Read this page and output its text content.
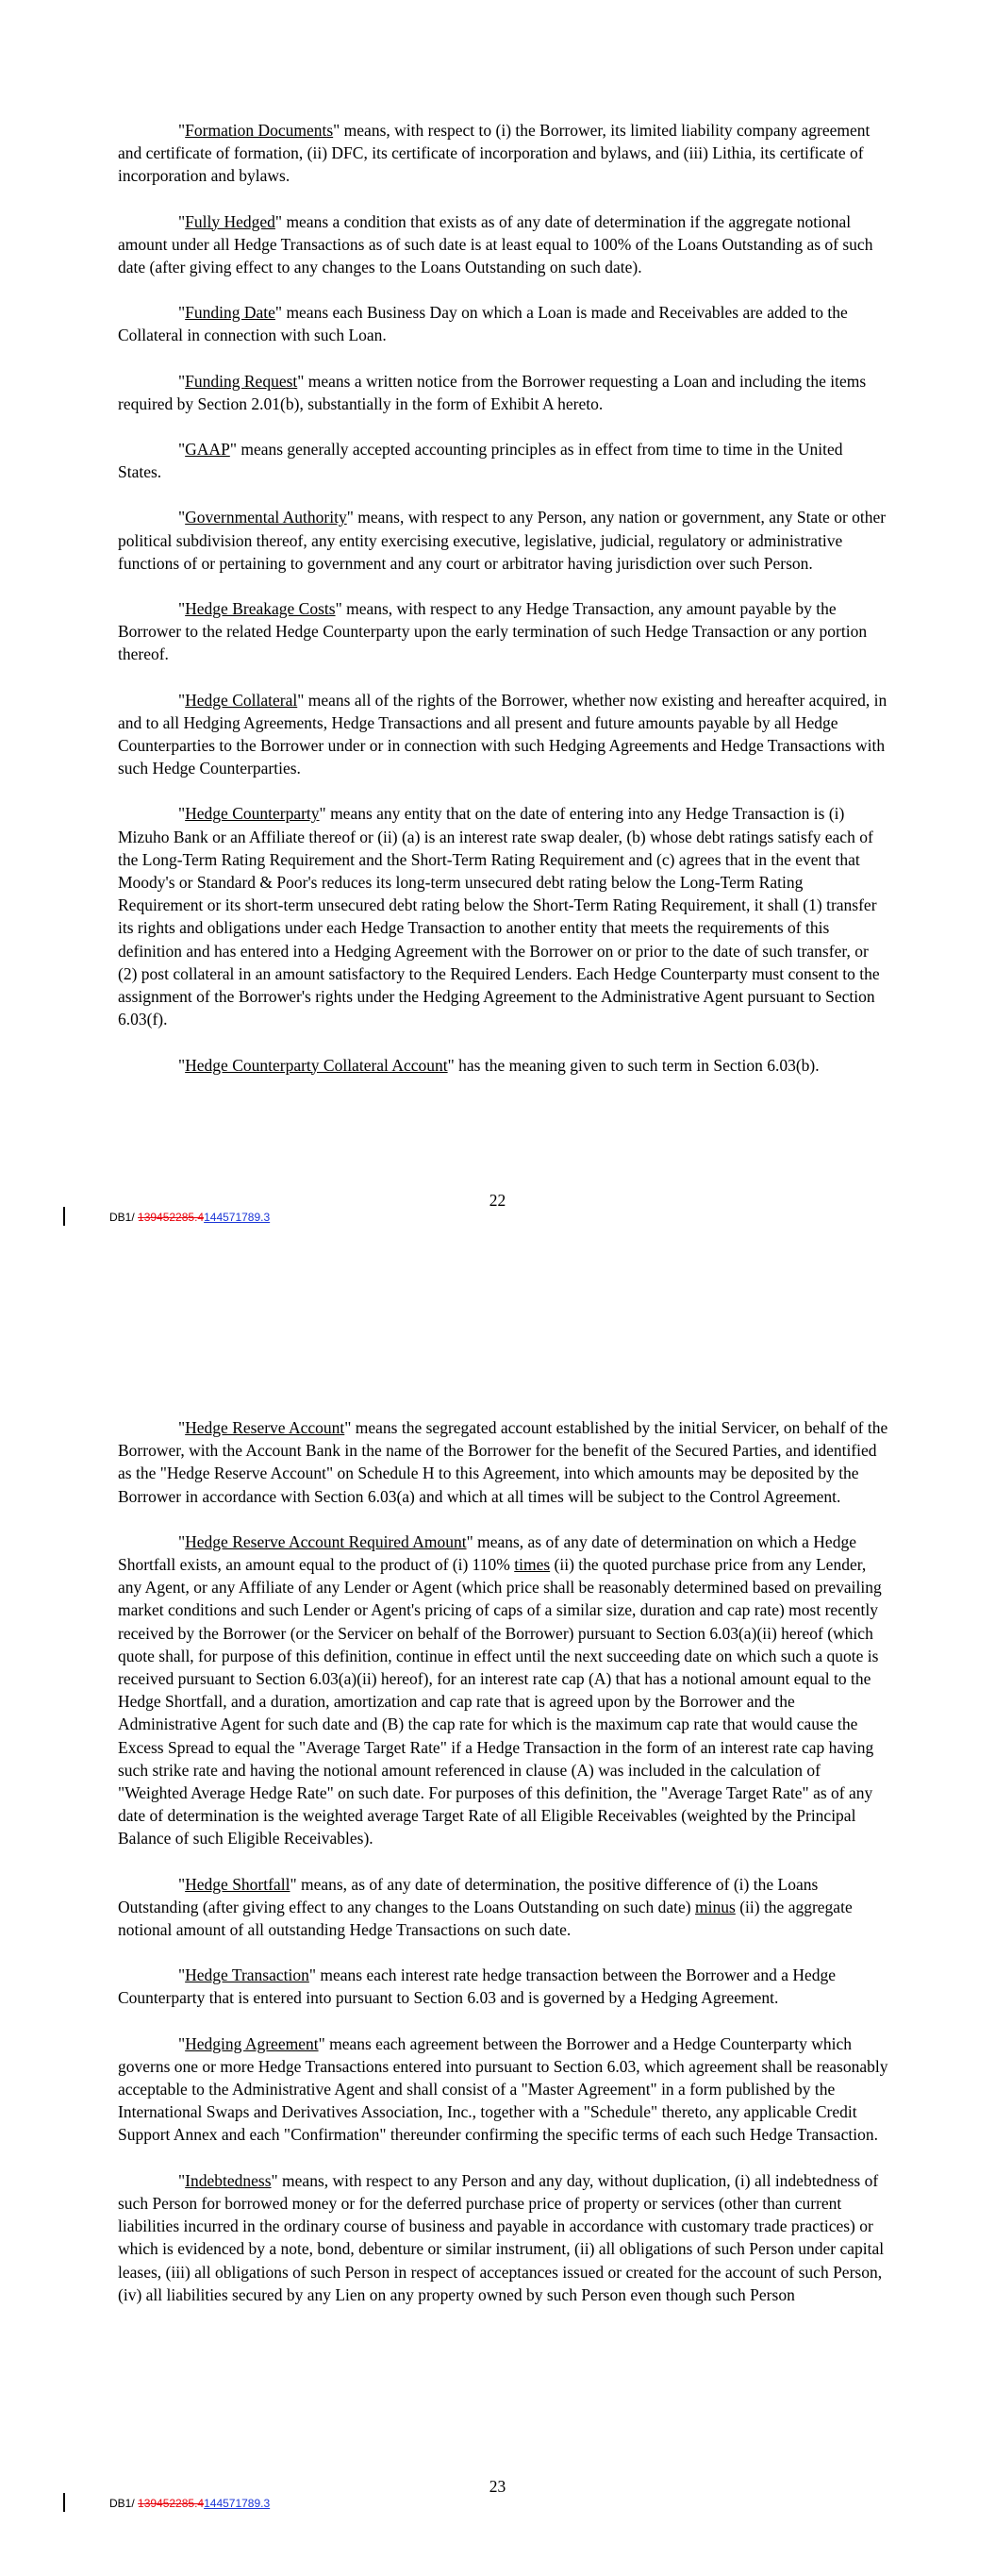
"Formation Documents" means, with respect to (i) the Borrower, its limited liability company agreement and certificate of formation, (ii) DFC, its certificate of incorporation and bylaws, and (iii) Lithia, its certificate of incorporation and bylaws.

"Fully Hedged" means a condition that exists as of any date of determination if the aggregate notional amount under all Hedge Transactions as of such date is at least equal to 100% of the Loans Outstanding as of such date (after giving effect to any changes to the Loans Outstanding on such date).

"Funding Date" means each Business Day on which a Loan is made and Receivables are added to the Collateral in connection with such Loan.

"Funding Request" means a written notice from the Borrower requesting a Loan and including the items required by Section 2.01(b), substantially in the form of Exhibit A hereto.

"GAAP" means generally accepted accounting principles as in effect from time to time in the United States.

"Governmental Authority" means, with respect to any Person, any nation or government, any State or other political subdivision thereof, any entity exercising executive, legislative, judicial, regulatory or administrative functions of or pertaining to government and any court or arbitrator having jurisdiction over such Person.

"Hedge Breakage Costs" means, with respect to any Hedge Transaction, any amount payable by the Borrower to the related Hedge Counterparty upon the early termination of such Hedge Transaction or any portion thereof.

"Hedge Collateral" means all of the rights of the Borrower, whether now existing and hereafter acquired, in and to all Hedging Agreements, Hedge Transactions and all present and future amounts payable by all Hedge Counterparties to the Borrower under or in connection with such Hedging Agreements and Hedge Transactions with such Hedge Counterparties.

"Hedge Counterparty" means any entity that on the date of entering into any Hedge Transaction is (i) Mizuho Bank or an Affiliate thereof or (ii) (a) is an interest rate swap dealer, (b) whose debt ratings satisfy each of the Long-Term Rating Requirement and the Short-Term Rating Requirement and (c) agrees that in the event that Moody's or Standard & Poor's reduces its long-term unsecured debt rating below the Long-Term Rating Requirement or its short-term unsecured debt rating below the Short-Term Rating Requirement, it shall (1) transfer its rights and obligations under each Hedge Transaction to another entity that meets the requirements of this definition and has entered into a Hedging Agreement with the Borrower on or prior to the date of such transfer, or (2) post collateral in an amount satisfactory to the Required Lenders. Each Hedge Counterparty must consent to the assignment of the Borrower's rights under the Hedging Agreement to the Administrative Agent pursuant to Section 6.03(f).

"Hedge Counterparty Collateral Account" has the meaning given to such term in Section 6.03(b).

22
DB1/ 139452285.4144571789.3

"Hedge Reserve Account" means the segregated account established by the initial Servicer, on behalf of the Borrower, with the Account Bank in the name of the Borrower for the benefit of the Secured Parties, and identified as the "Hedge Reserve Account" on Schedule H to this Agreement, into which amounts may be deposited by the Borrower in accordance with Section 6.03(a) and which at all times will be subject to the Control Agreement.

"Hedge Reserve Account Required Amount" means, as of any date of determination on which a Hedge Shortfall exists, an amount equal to the product of (i) 110% times (ii) the quoted purchase price from any Lender, any Agent, or any Affiliate of any Lender or Agent (which price shall be reasonably determined based on prevailing market conditions and such Lender or Agent's pricing of caps of a similar size, duration and cap rate) most recently received by the Borrower (or the Servicer on behalf of the Borrower) pursuant to Section 6.03(a)(ii) hereof (which quote shall, for purpose of this definition, continue in effect until the next succeeding date on which such a quote is received pursuant to Section 6.03(a)(ii) hereof), for an interest rate cap (A) that has a notional amount equal to the Hedge Shortfall, and a duration, amortization and cap rate that is agreed upon by the Borrower and the Administrative Agent for such date and (B) the cap rate for which is the maximum cap rate that would cause the Excess Spread to equal the "Average Target Rate" if a Hedge Transaction in the form of an interest rate cap having such strike rate and having the notional amount referenced in clause (A) was included in the calculation of "Weighted Average Hedge Rate" on such date. For purposes of this definition, the "Average Target Rate" as of any date of determination is the weighted average Target Rate of all Eligible Receivables (weighted by the Principal Balance of such Eligible Receivables).

"Hedge Shortfall" means, as of any date of determination, the positive difference of (i) the Loans Outstanding (after giving effect to any changes to the Loans Outstanding on such date) minus (ii) the aggregate notional amount of all outstanding Hedge Transactions on such date.

"Hedge Transaction" means each interest rate hedge transaction between the Borrower and a Hedge Counterparty that is entered into pursuant to Section 6.03 and is governed by a Hedging Agreement.

"Hedging Agreement" means each agreement between the Borrower and a Hedge Counterparty which governs one or more Hedge Transactions entered into pursuant to Section 6.03, which agreement shall be reasonably acceptable to the Administrative Agent and shall consist of a "Master Agreement" in a form published by the International Swaps and Derivatives Association, Inc., together with a "Schedule" thereto, any applicable Credit Support Annex and each "Confirmation" thereunder confirming the specific terms of each such Hedge Transaction.

"Indebtedness" means, with respect to any Person and any day, without duplication, (i) all indebtedness of such Person for borrowed money or for the deferred purchase price of property or services (other than current liabilities incurred in the ordinary course of business and payable in accordance with customary trade practices) or which is evidenced by a note, bond, debenture or similar instrument, (ii) all obligations of such Person under capital leases, (iii) all obligations of such Person in respect of acceptances issued or created for the account of such Person, (iv) all liabilities secured by any Lien on any property owned by such Person even though such Person

23
DB1/ 139452285.4144571789.3
